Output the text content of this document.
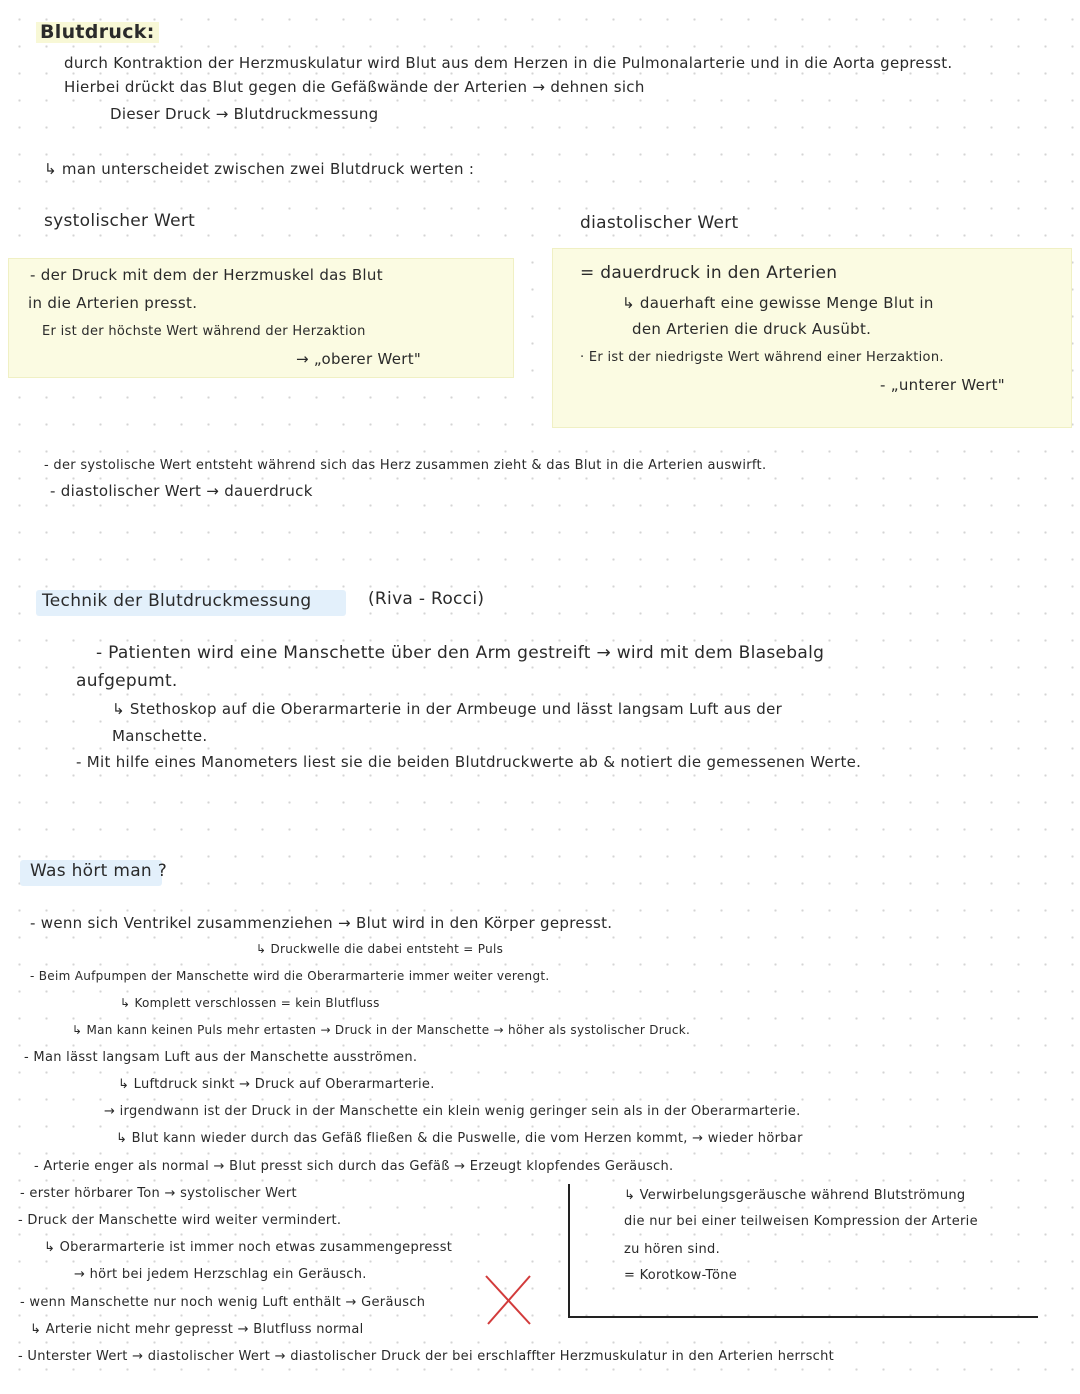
Blutdruck:
durch Kontraktion der Herzmuskulatur wird Blut aus dem Herzen in die Pulmonalarterie und in die Aorta gepresst.
Hierbei drückt das Blut gegen die Gefäßwände der Arterien → dehnen sich
Dieser Druck → Blutdruckmessung
↳ man unterscheidet zwischen zwei Blutdruck werten :
systolischer Wert
- der Druck mit dem der Herzmuskel das Blut
in die Arterien presst.
Er ist der höchste Wert während der Herzaktion
→ „oberer Wert"
diastolischer Wert
= dauerdruck in den Arterien
↳ dauerhaft eine gewisse Menge Blut in
den Arterien die druck Ausübt.
· Er ist der niedrigste Wert während einer Herzaktion.
- „unterer Wert"
- der systolische Wert entsteht während sich das Herz zusammen zieht & das Blut in die Arterien auswirft.
- diastolischer Wert → dauerdruck
Technik der Blutdruckmessung	(Riva - Rocci)
- Patienten wird eine Manschette über den Arm gestreift → wird mit dem Blasebalg
aufgepumt.
↳ Stethoskop auf die Oberarmarterie in der Armbeuge und lässt langsam Luft aus der
Manschette.
- Mit hilfe eines Manometers liest sie die beiden Blutdruckwerte ab & notiert die gemessenen Werte.
Was hört man ?
- wenn sich Ventrikel zusammenziehen → Blut wird in den Körper gepresst.
↳ Druckwelle die dabei entsteht = Puls
- Beim Aufpumpen der Manschette wird die Oberarmarterie immer weiter verengt.
↳ Komplett verschlossen = kein Blutfluss
↳ Man kann keinen Puls mehr ertasten → Druck in der Manschette → höher als systolischer Druck.
- Man lässt langsam Luft aus der Manschette ausströmen.
↳ Luftdruck sinkt → Druck auf Oberarmarterie.
→ irgendwann ist der Druck in der Manschette ein klein wenig geringer sein als in der Oberarmarterie.
↳ Blut kann wieder durch das Gefäß fließen & die Puswelle, die vom Herzen kommt, → wieder hörbar
- Arterie enger als normal → Blut presst sich durch das Gefäß → Erzeugt klopfendes Geräusch.
- erster hörbarer Ton → systolischer Wert
- Druck der Manschette wird weiter vermindert.
↳ Oberarmarterie ist immer noch etwas zusammengepresst
→ hört bei jedem Herzschlag ein Geräusch.
- wenn Manschette nur noch wenig Luft enthält → Geräusch
↳ Arterie nicht mehr gepresst → Blutfluss normal
- Unterster Wert → diastolischer Wert → diastolischer Druck der bei erschlaffter Herzmuskulatur in den Arterien herrscht
↳ Verwirbelungsgeräusche während Blutströmung
die nur bei einer teilweisen Kompression der Arterie
zu hören sind.
= Korotkow-Töne
